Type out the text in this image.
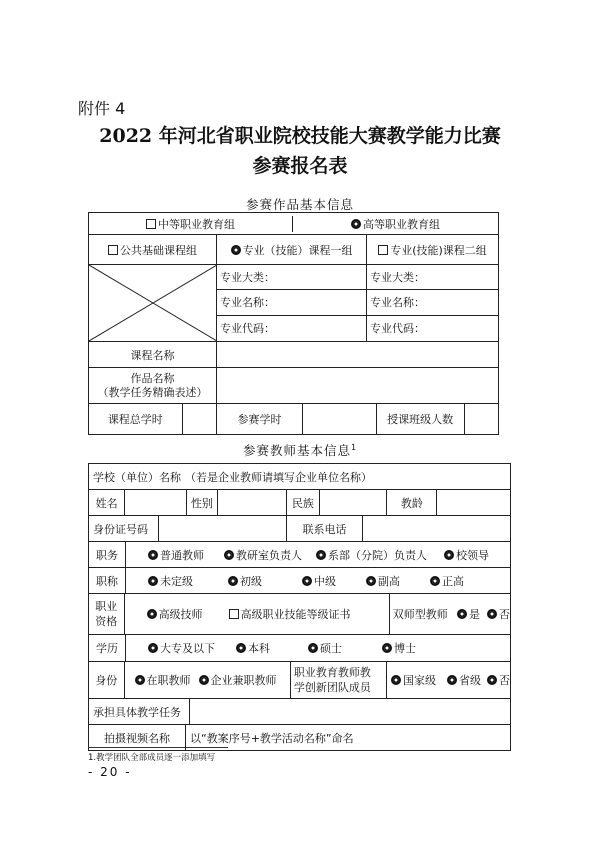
附件 4
2022 年河北省职业院校技能大赛教学能力比赛
参赛报名表
参赛作品基本信息
中等职业教育组 高等职业教育组		

公共基础课程组	专业（技能）课程一组	专业(技能)课程二组

	专业大类：	专业大类：
	专业名称：	专业名称：
	专业代码：	专业代码：
课程名称		

作品名称
（教学任务精确表述）		

课程总学时 参赛学时 授课班级人数		
参赛教师基本信息$^1$
学校（单位）名称 （若是企业教师请填写企业单位名称）

姓名	性别	民族	教龄

身份证号码	联系电话

职务	普通教师	教研室负责人	系部（分院）负责人	校领导

职称	未定级	初级	中级	副高	正高

职业
资格
高级技师	高级职业技能等级证书	双师型教师	是	否

学历	大专及以下	本科	硕士	博士

身份	在职教师	企业兼职教师
职业教育教师教
学创新团队成员
国家级	省级	否

承担具体教学任务

拍摄视频名称	以“教案序号+教学活动名称”命名
1.教学团队全部成员逐一添加填写
- 20 -
